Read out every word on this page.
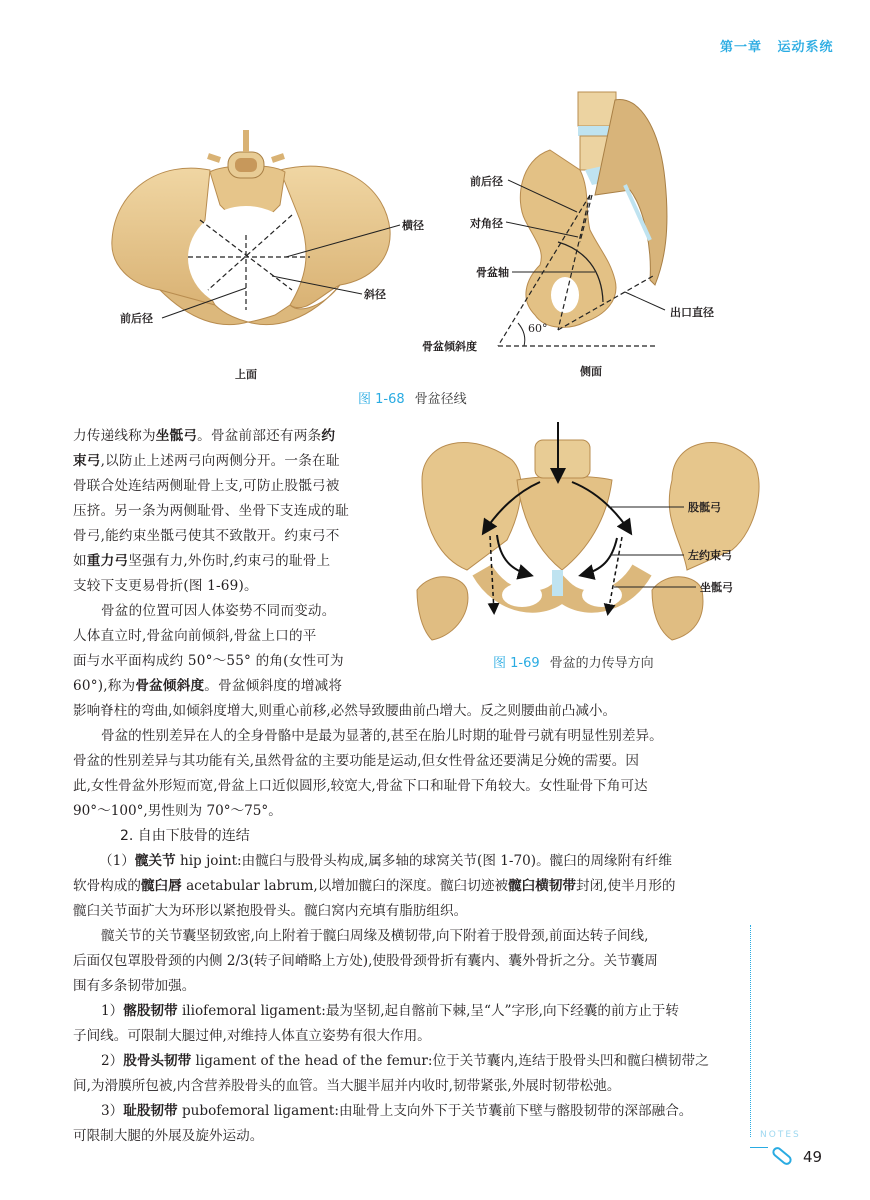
第一章 运动系统
横径
斜径
前后径
上面
前后径
对角径
骨盆轴
出口直径
骨盆倾斜度
60°
侧面
图 1-68 骨盆径线
股骶弓
左约束弓
坐骶弓
图 1-69 骨盆的力传导方向
力传递线称为坐骶弓。骨盆前部还有两条约
束弓,以防止上述两弓向两侧分开。一条在耻
骨联合处连结两侧耻骨上支,可防止股骶弓被
压挤。另一条为两侧耻骨、坐骨下支连成的耻
骨弓,能约束坐骶弓使其不致散开。约束弓不
如重力弓坚强有力,外伤时,约束弓的耻骨上
支较下支更易骨折(图 1-69)。
骨盆的位置可因人体姿势不同而变动。
人体直立时,骨盆向前倾斜,骨盆上口的平
面与水平面构成约 50°～55° 的角(女性可为
60°),称为骨盆倾斜度。骨盆倾斜度的增减将
影响脊柱的弯曲,如倾斜度增大,则重心前移,必然导致腰曲前凸增大。反之则腰曲前凸减小。
骨盆的性别差异在人的全身骨骼中是最为显著的,甚至在胎儿时期的耻骨弓就有明显性别差异。
骨盆的性别差异与其功能有关,虽然骨盆的主要功能是运动,但女性骨盆还要满足分娩的需要。因
此,女性骨盆外形短而宽,骨盆上口近似圆形,较宽大,骨盆下口和耻骨下角较大。女性耻骨下角可达
90°～100°,男性则为 70°～75°。
2. 自由下肢骨的连结
（1）髋关节 hip joint:由髋臼与股骨头构成,属多轴的球窝关节(图 1-70)。髋臼的周缘附有纤维
软骨构成的髋臼唇 acetabular labrum,以增加髋臼的深度。髋臼切迹被髋臼横韧带封闭,使半月形的
髋臼关节面扩大为环形以紧抱股骨头。髋臼窝内充填有脂肪组织。
髋关节的关节囊坚韧致密,向上附着于髋臼周缘及横韧带,向下附着于股骨颈,前面达转子间线,
后面仅包罩股骨颈的内侧 2/3(转子间嵴略上方处),使股骨颈骨折有囊内、囊外骨折之分。关节囊周
围有多条韧带加强。
1）髂股韧带 iliofemoral ligament:最为坚韧,起自髂前下棘,呈“人”字形,向下经囊的前方止于转
子间线。可限制大腿过伸,对维持人体直立姿势有很大作用。
2）股骨头韧带 ligament of the head of the femur:位于关节囊内,连结于股骨头凹和髋臼横韧带之
间,为滑膜所包被,内含营养股骨头的血管。当大腿半屈并内收时,韧带紧张,外展时韧带松弛。
3）耻股韧带 pubofemoral ligament:由耻骨上支向外下于关节囊前下壁与髂股韧带的深部融合。
可限制大腿的外展及旋外运动。	NOTES
49
